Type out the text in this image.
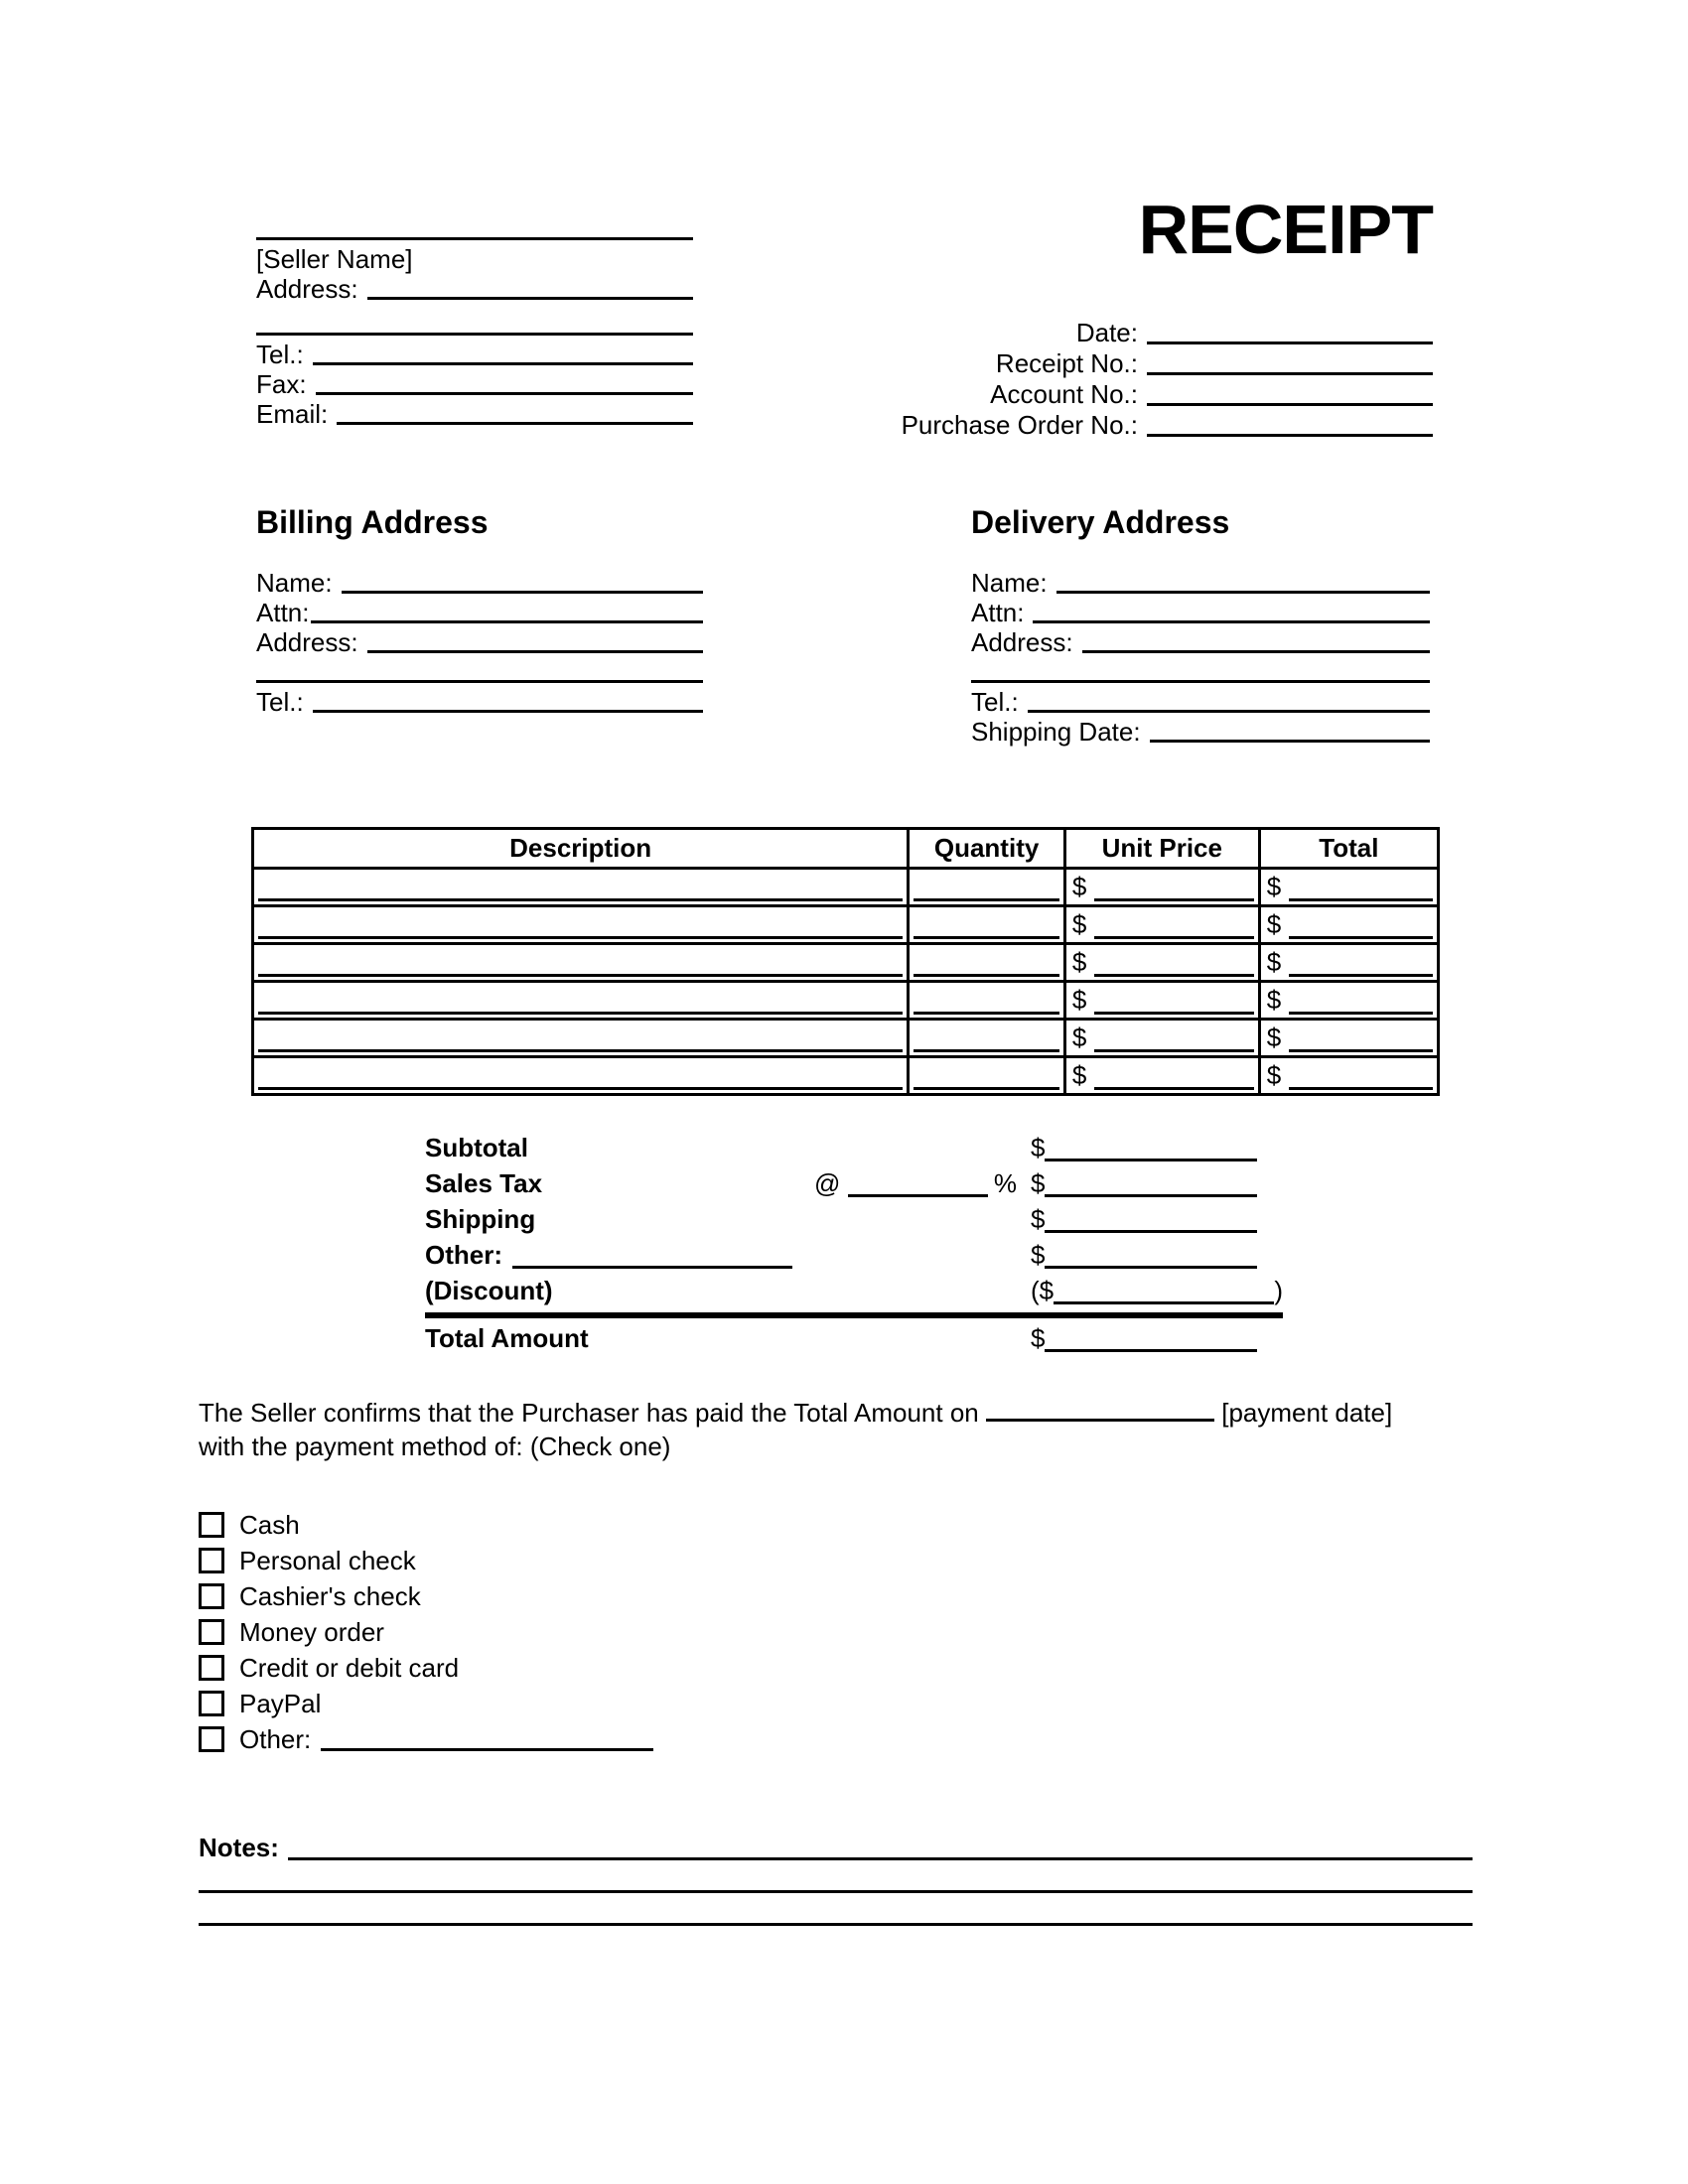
[Seller Name]
Address:
Tel.:
Fax:
Email:
RECEIPT
Date:
Receipt No.:
Account No.:
Purchase Order No.:
Billing Address
Name:
Attn:
Address:
Tel.:
Delivery Address
Name:
Attn:
Address:
Tel.:
Shipping Date:
Description	Quantity	Unit Price	Total

		$	$

		$	$

		$	$

		$	$

		$	$

		$	$
Subtotal	$
Sales Tax	@	% $
Shipping	$
Other:	$
(Discount)	($	)
Total Amount	$
The Seller confirms that the Purchaser has paid the Total Amount on	[payment date]
with the payment method of: (Check one)
Cash
Personal check
Cashier's check
Money order
Credit or debit card
PayPal
Other:
Notes:
